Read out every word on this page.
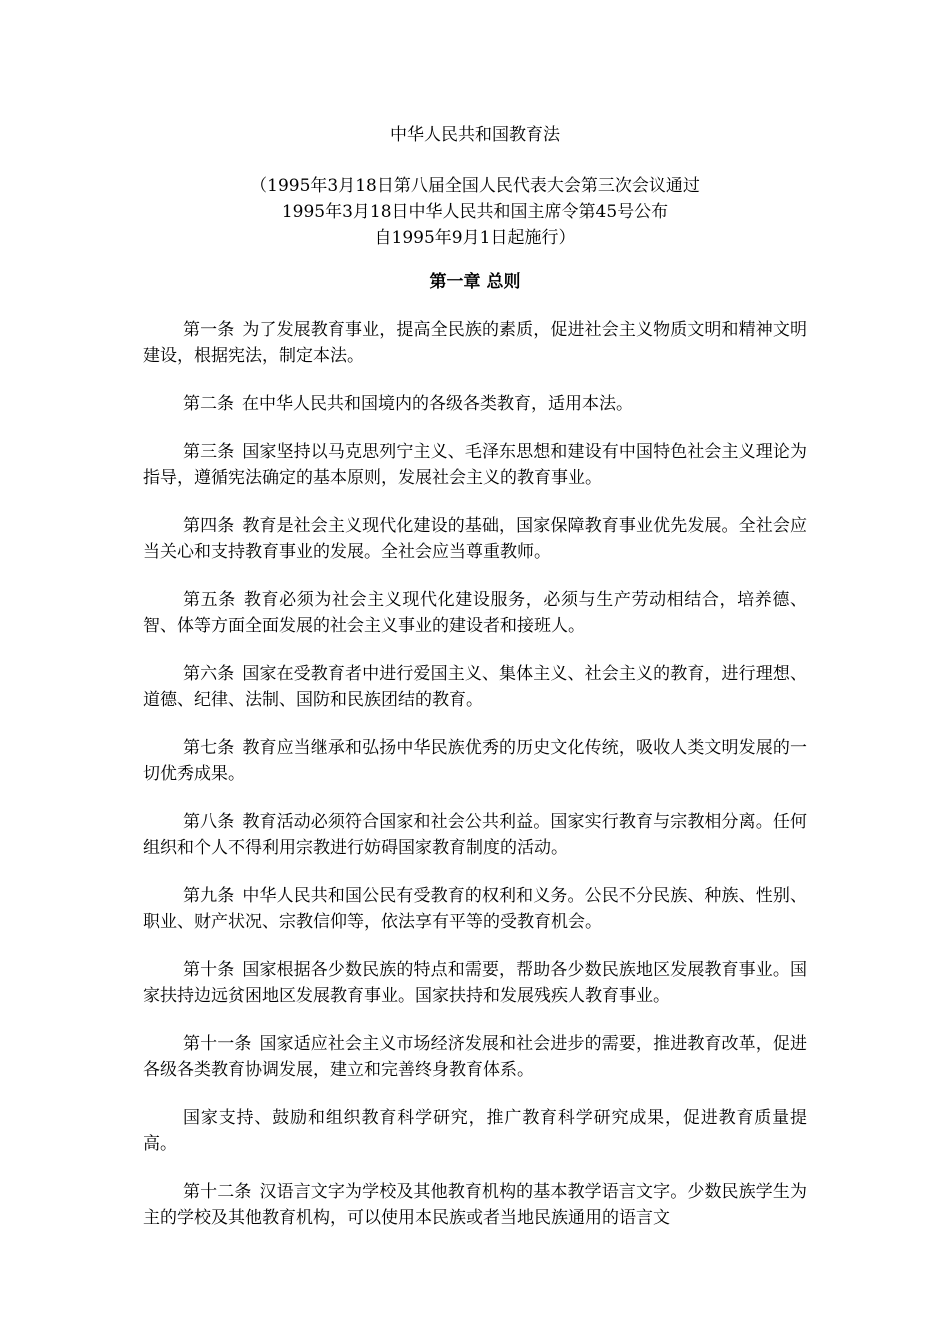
中华人民共和国教育法
（1995年3月18日第八届全国人民代表大会第三次会议通过
1995年3月18日中华人民共和国主席令第45号公布
自1995年9月1日起施行）
第一章 总则

第一条 为了发展教育事业，提高全民族的素质，促进社会主义物质文明和精神文明建设，根据宪法，制定本法。

第二条 在中华人民共和国境内的各级各类教育，适用本法。

第三条 国家坚持以马克思列宁主义、毛泽东思想和建设有中国特色社会主义理论为指导，遵循宪法确定的基本原则，发展社会主义的教育事业。

第四条 教育是社会主义现代化建设的基础，国家保障教育事业优先发展。全社会应当关心和支持教育事业的发展。全社会应当尊重教师。

第五条 教育必须为社会主义现代化建设服务，必须与生产劳动相结合，培养德、智、体等方面全面发展的社会主义事业的建设者和接班人。

第六条 国家在受教育者中进行爱国主义、集体主义、社会主义的教育，进行理想、道德、纪律、法制、国防和民族团结的教育。

第七条 教育应当继承和弘扬中华民族优秀的历史文化传统，吸收人类文明发展的一切优秀成果。

第八条 教育活动必须符合国家和社会公共利益。国家实行教育与宗教相分离。任何组织和个人不得利用宗教进行妨碍国家教育制度的活动。

第九条 中华人民共和国公民有受教育的权利和义务。公民不分民族、种族、性别、职业、财产状况、宗教信仰等，依法享有平等的受教育机会。

第十条 国家根据各少数民族的特点和需要，帮助各少数民族地区发展教育事业。国家扶持边远贫困地区发展教育事业。国家扶持和发展残疾人教育事业。

第十一条 国家适应社会主义市场经济发展和社会进步的需要，推进教育改革，促进各级各类教育协调发展，建立和完善终身教育体系。

国家支持、鼓励和组织教育科学研究，推广教育科学研究成果，促进教育质量提高。

第十二条 汉语言文字为学校及其他教育机构的基本教学语言文字。少数民族学生为主的学校及其他教育机构，可以使用本民族或者当地民族通用的语言文
